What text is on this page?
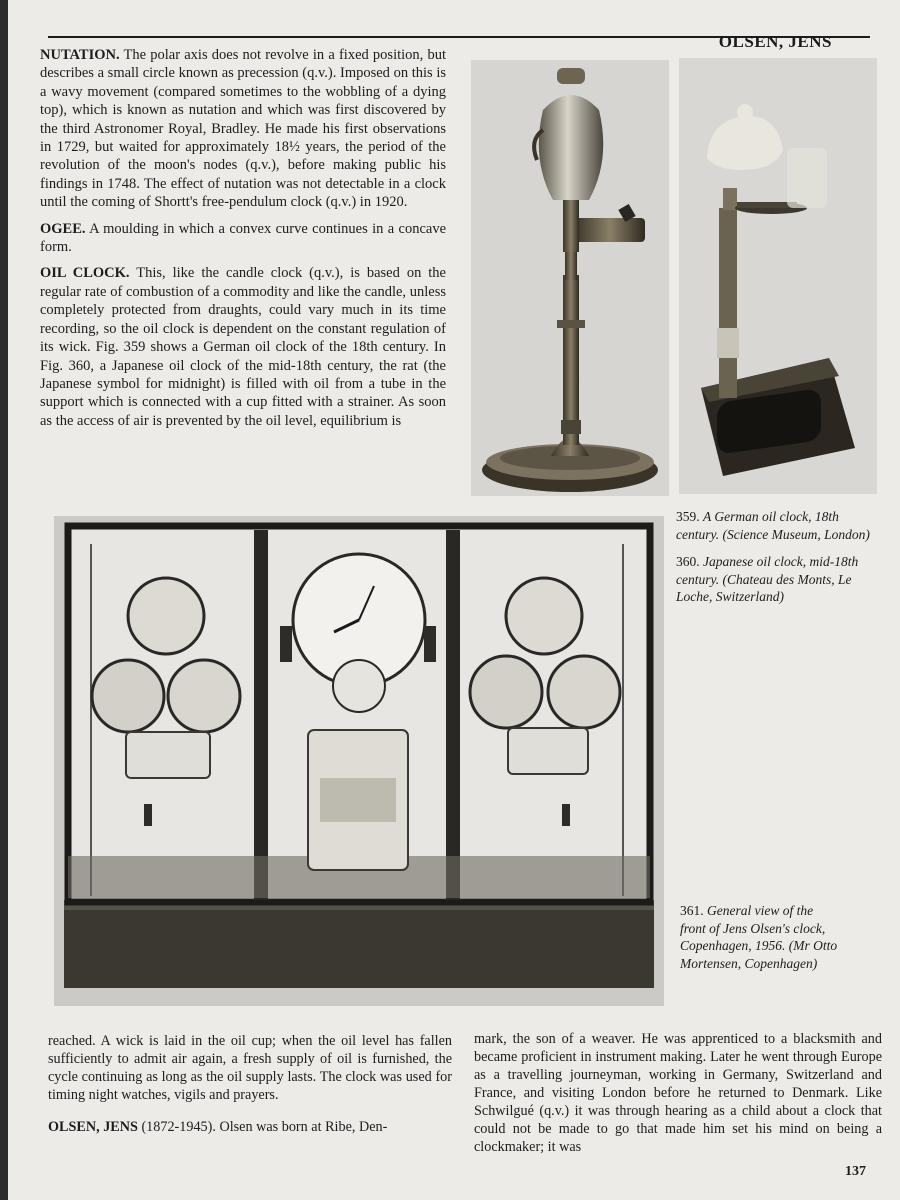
OLSEN, JENS

NUTATION. The polar axis does not revolve in a fixed position, but describes a small circle known as precession (q.v.). Imposed on this is a wavy movement (compared sometimes to the wobbling of a dying top), which is known as nutation and which was first discovered by the third Astronomer Royal, Bradley. He made his first observations in 1729, but waited for approximately 18½ years, the period of the revolution of the moon's nodes (q.v.), before making public his findings in 1748. The effect of nutation was not detectable in a clock until the coming of Shortt's free-pendulum clock (q.v.) in 1920.

OGEE. A moulding in which a convex curve continues in a concave form.

OIL CLOCK. This, like the candle clock (q.v.), is based on the regular rate of combustion of a commodity and like the candle, unless completely protected from draughts, could vary much in its time recording, so the oil clock is dependent on the constant regulation of its wick. Fig. 359 shows a German oil clock of the 18th century. In Fig. 360, a Japanese oil clock of the mid-18th century, the rat (the Japanese symbol for midnight) is filled with oil from a tube in the support which is connected with a cup fitted with a strainer. As soon as the access of air is prevented by the oil level, equilibrium is

359. A German oil clock, 18th century. (Science Museum, London)

360. Japanese oil clock, mid-18th century. (Chateau des Monts, Le Loche, Switzerland)

361. General view of the front of Jens Olsen's clock, Copenhagen, 1956. (Mr Otto Mortensen, Copenhagen)

reached. A wick is laid in the oil cup; when the oil level has fallen sufficiently to admit air again, a fresh supply of oil is furnished, the cycle continuing as long as the oil supply lasts. The clock was used for timing night watches, vigils and prayers.

OLSEN, JENS (1872-1945). Olsen was born at Ribe, Den-

mark, the son of a weaver. He was apprenticed to a blacksmith and became proficient in instrument making. Later he went through Europe as a travelling journeyman, working in Germany, Switzerland and France, and visiting London before he returned to Denmark. Like Schwilgué (q.v.) it was through hearing as a child about a clock that could not be made to go that made him set his mind on being a clockmaker; it was

137
